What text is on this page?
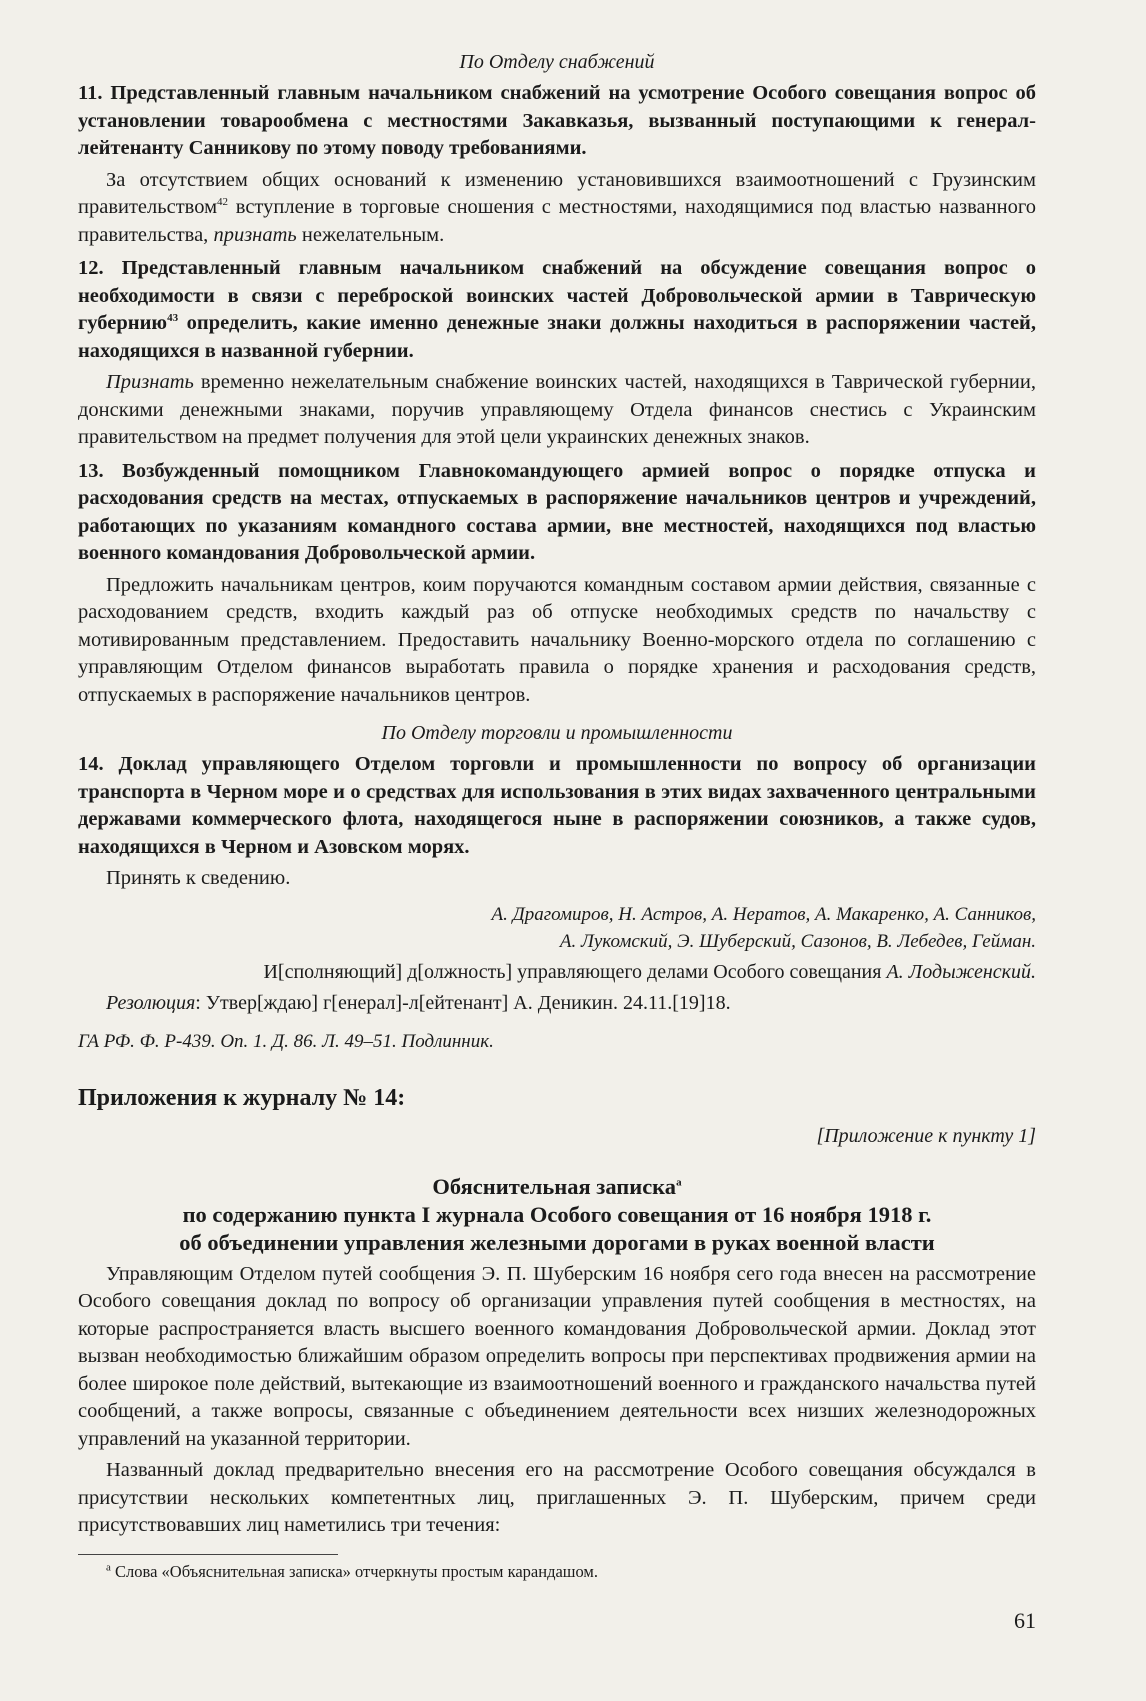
По Отделу снабжений

11. Представленный главным начальником снабжений на усмотрение Особого совещания вопрос об установлении товарообмена с местностями Закавказья, вызванный поступающими к генерал-лейтенанту Санникову по этому поводу требованиями.

За отсутствием общих оснований к изменению установившихся взаимоотношений с Грузинским правительством$^{42}$ вступление в торговые сношения с местностями, находящимися под властью названного правительства, признать нежелательным.

12. Представленный главным начальником снабжений на обсуждение совещания вопрос о необходимости в связи с переброской воинских частей Добровольческой армии в Таврическую губернию$^{43}$ определить, какие именно денежные знаки должны находиться в распоряжении частей, находящихся в названной губернии.

Признать временно нежелательным снабжение воинских частей, находящихся в Таврической губернии, донскими денежными знаками, поручив управляющему Отдела финансов снестись с Украинским правительством на предмет получения для этой цели украинских денежных знаков.

13. Возбужденный помощником Главнокомандующего армией вопрос о порядке отпуска и расходования средств на местах, отпускаемых в распоряжение начальников центров и учреждений, работающих по указаниям командного состава армии, вне местностей, находящихся под властью военного командования Добровольческой армии.

Предложить начальникам центров, коим поручаются командным составом армии действия, связанные с расходованием средств, входить каждый раз об отпуске необходимых средств по начальству с мотивированным представлением. Предоставить начальнику Военно-морского отдела по соглашению с управляющим Отделом финансов выработать правила о порядке хранения и расходования средств, отпускаемых в распоряжение начальников центров.

По Отделу торговли и промышленности

14. Доклад управляющего Отделом торговли и промышленности по вопросу об организации транспорта в Черном море и о средствах для использования в этих видах захваченного центральными державами коммерческого флота, находящегося ныне в распоряжении союзников, а также судов, находящихся в Черном и Азовском морях.

Принять к сведению.

А. Драгомиров, Н. Астров, А. Нератов, А. Макаренко, А. Санников,
А. Лукомский, Э. Шуберский, Сазонов, В. Лебедев, Гейман.

И[сполняющий] д[олжность] управляющего делами Особого совещания А. Лодыженский.

Резолюция: Утвер[ждаю] г[енерал]-л[ейтенант] А. Деникин. 24.11.[19]18.

ГА РФ. Ф. Р-439. Оп. 1. Д. 86. Л. 49–51. Подлинник.

Приложения к журналу № 14:

[Приложение к пункту 1]

Обяснительная записка$^a$

по содержанию пункта I журнала Особого совещания от 16 ноября 1918 г.

об объединении управления железными дорогами в руках военной власти

Управляющим Отделом путей сообщения Э. П. Шуберским 16 ноября сего года внесен на рассмотрение Особого совещания доклад по вопросу об организации управления путей сообщения в местностях, на которые распространяется власть высшего военного командования Добровольческой армии. Доклад этот вызван необходимостью ближайшим образом определить вопросы при перспективах продвижения армии на более широкое поле действий, вытекающие из взаимоотношений военного и гражданского начальства путей сообщений, а также вопросы, связанные с объединением деятельности всех низших железнодорожных управлений на указанной территории.

Названный доклад предварительно внесения его на рассмотрение Особого совещания обсуждался в присутствии нескольких компетентных лиц, приглашенных Э. П. Шуберским, причем среди присутствовавших лиц наметились три течения:

$^a$ Слова «Объяснительная записка» отчеркнуты простым карандашом.

61
